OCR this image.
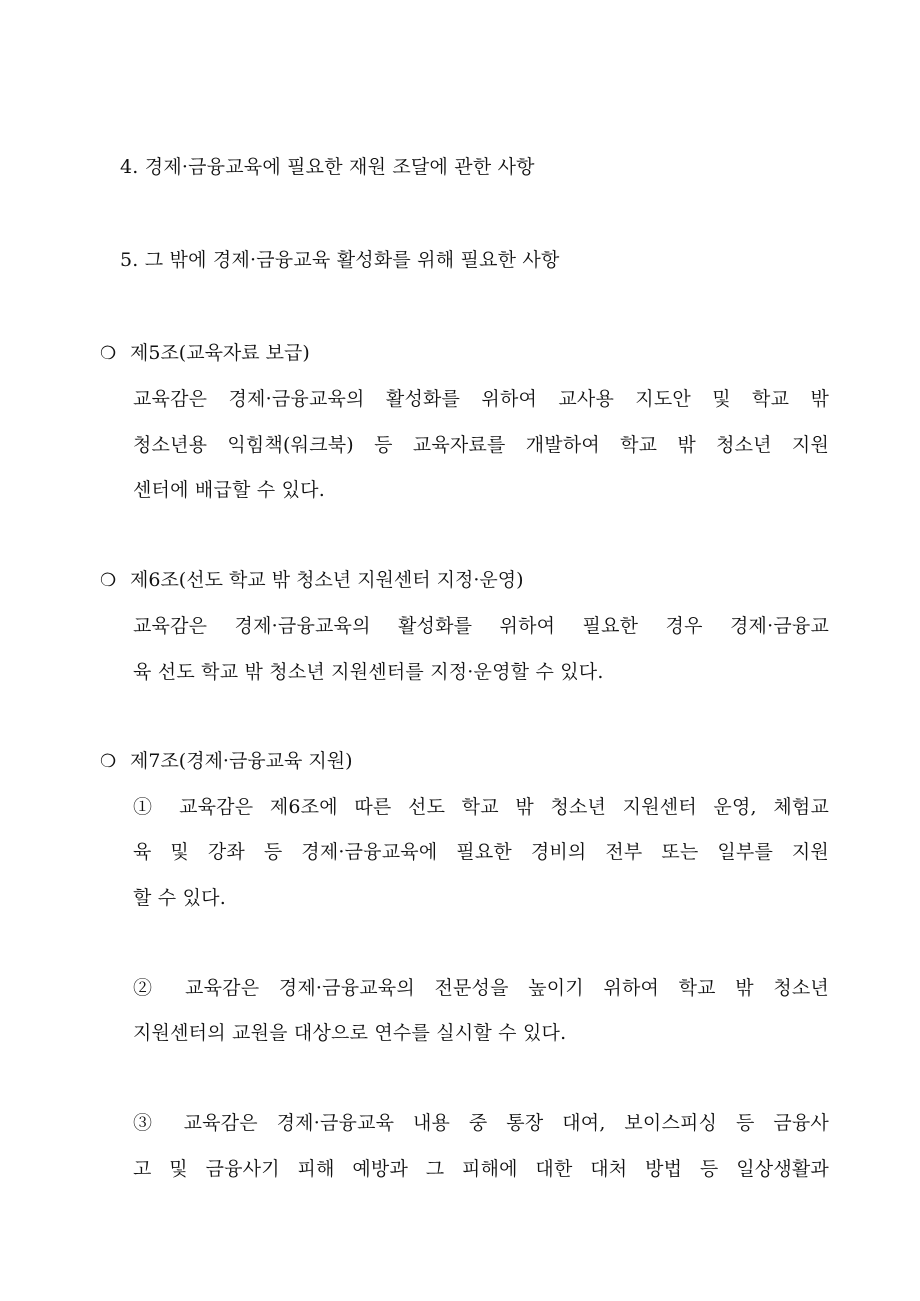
4. 경제·금융교육에 필요한 재원 조달에 관한 사항
5. 그 밖에 경제·금융교육 활성화를 위해 필요한 사항
❍ 제5조(교육자료 보급)
교육감은 경제·금융교육의 활성화를 위하여 교사용 지도안 및 학교 밖
청소년용 익힘책(워크북) 등 교육자료를 개발하여 학교 밖 청소년 지원
센터에 배급할 수 있다.
❍ 제6조(선도 학교 밖 청소년 지원센터 지정·운영)
교육감은 경제·금융교육의 활성화를 위하여 필요한 경우 경제·금융교
육 선도 학교 밖 청소년 지원센터를 지정·운영할 수 있다.
❍ 제7조(경제·금융교육 지원)
① 교육감은 제6조에 따른 선도 학교 밖 청소년 지원센터 운영, 체험교
육 및 강좌 등 경제·금융교육에 필요한 경비의 전부 또는 일부를 지원
할 수 있다.
② 교육감은 경제·금융교육의 전문성을 높이기 위하여 학교 밖 청소년
지원센터의 교원을 대상으로 연수를 실시할 수 있다.
③ 교육감은 경제·금융교육 내용 중 통장 대여, 보이스피싱 등 금융사
고 및 금융사기 피해 예방과 그 피해에 대한 대처 방법 등 일상생활과
